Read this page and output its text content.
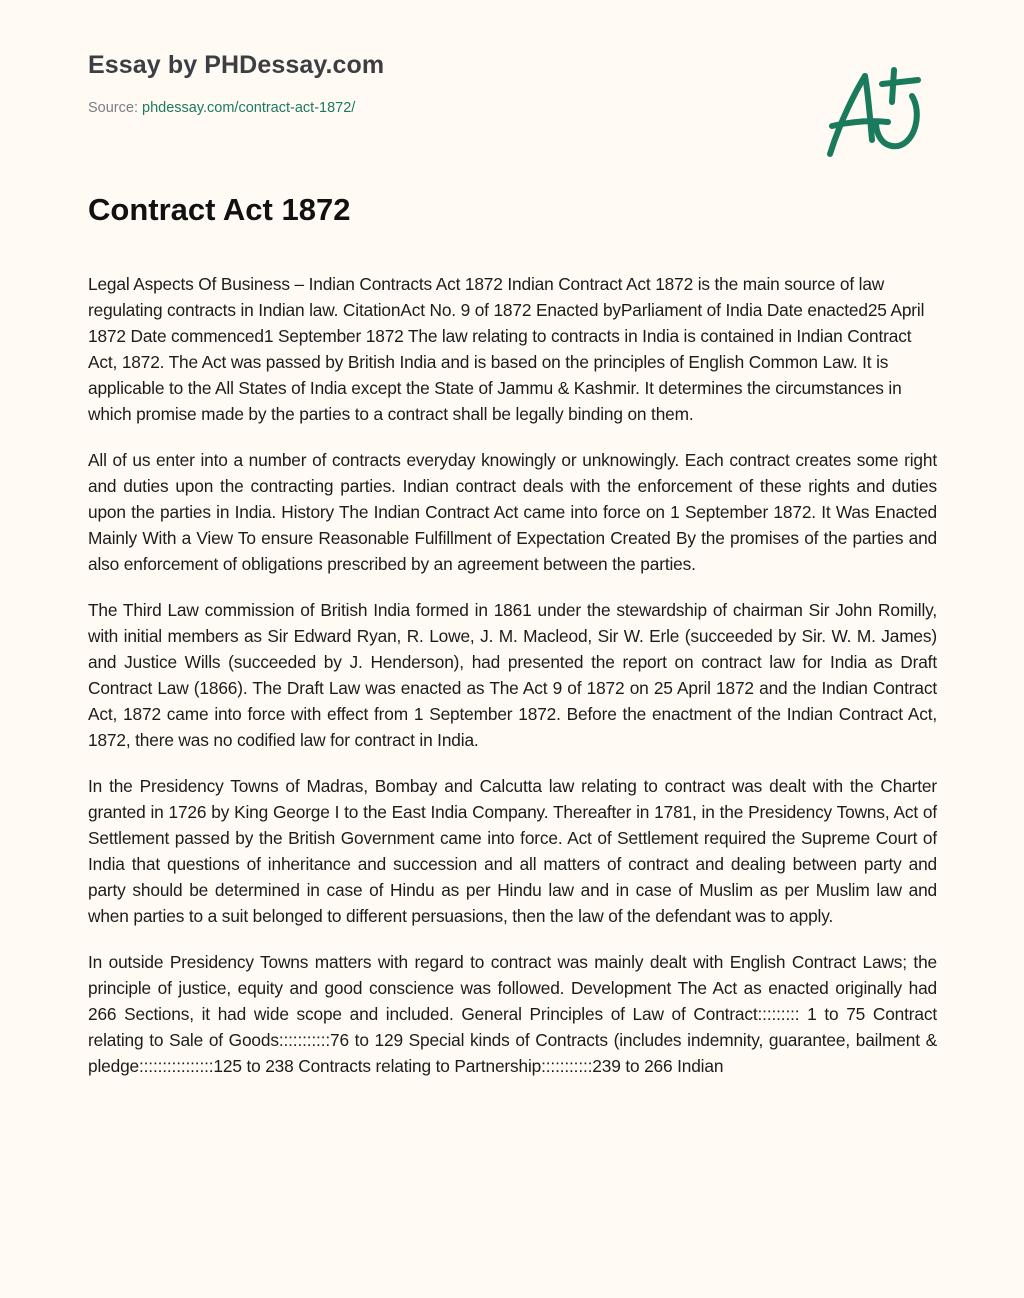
Essay by PHDessay.com
Source: phdessay.com/contract-act-1872/
Contract Act 1872

Legal Aspects Of Business – Indian Contracts Act 1872 Indian Contract Act 1872 is the main source of law regulating contracts in Indian law. CitationAct No. 9 of 1872 Enacted byParliament of India Date enacted25 April 1872 Date commenced1 September 1872 The law relating to contracts in India is contained in Indian Contract Act, 1872. The Act was passed by British India and is based on the principles of English Common Law. It is applicable to the All States of India except the State of Jammu & Kashmir. It determines the circumstances in which promise made by the parties to a contract shall be legally binding on them.

All of us enter into a number of contracts everyday knowingly or unknowingly. Each contract creates some right and duties upon the contracting parties. Indian contract deals with the enforcement of these rights and duties upon the parties in India. History The Indian Contract Act came into force on 1 September 1872. It Was Enacted Mainly With a View To ensure Reasonable Fulfillment of Expectation Created By the promises of the parties and also enforcement of obligations prescribed by an agreement between the parties.

The Third Law commission of British India formed in 1861 under the stewardship of chairman Sir John Romilly, with initial members as Sir Edward Ryan, R. Lowe, J. M. Macleod, Sir W. Erle (succeeded by Sir. W. M. James) and Justice Wills (succeeded by J. Henderson), had presented the report on contract law for India as Draft Contract Law (1866). The Draft Law was enacted as The Act 9 of 1872 on 25 April 1872 and the Indian Contract Act, 1872 came into force with effect from 1 September 1872. Before the enactment of the Indian Contract Act, 1872, there was no codified law for contract in India.

In the Presidency Towns of Madras, Bombay and Calcutta law relating to contract was dealt with the Charter granted in 1726 by King George I to the East India Company. Thereafter in 1781, in the Presidency Towns, Act of Settlement passed by the British Government came into force. Act of Settlement required the Supreme Court of India that questions of inheritance and succession and all matters of contract and dealing between party and party should be determined in case of Hindu as per Hindu law and in case of Muslim as per Muslim law and when parties to a suit belonged to different persuasions, then the law of the defendant was to apply.

In outside Presidency Towns matters with regard to contract was mainly dealt with English Contract Laws; the principle of justice, equity and good conscience was followed. Development The Act as enacted originally had 266 Sections, it had wide scope and included. General Principles of Law of Contract::::::::: 1 to 75 Contract relating to Sale of Goods:::::::::::76 to 129 Special kinds of Contracts (includes indemnity, guarantee, bailment & pledge::::::::::::::::125 to 238 Contracts relating to Partnership:::::::::::239 to 266 Indian
